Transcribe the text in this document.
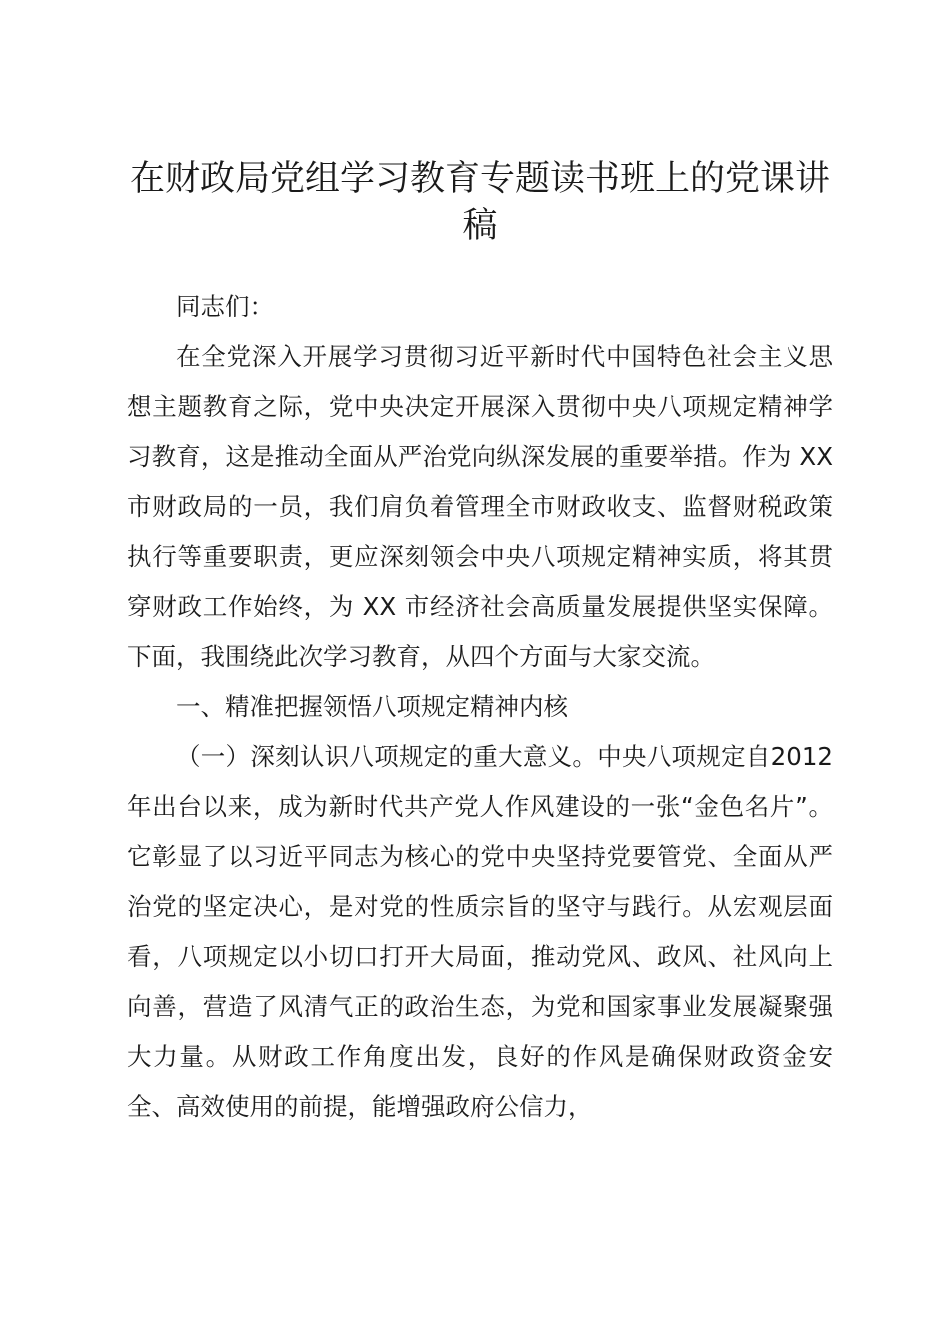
在财政局党组学习教育专题读书班上的党课讲稿

同志们：

在全党深入开展学习贯彻习近平新时代中国特色社会主义思想主题教育之际，党中央决定开展深入贯彻中央八项规定精神学习教育，这是推动全面从严治党向纵深发展的重要举措。作为 XX 市财政局的一员，我们肩负着管理全市财政收支、监督财税政策执行等重要职责，更应深刻领会中央八项规定精神实质，将其贯穿财政工作始终，为 XX 市经济社会高质量发展提供坚实保障。下面，我围绕此次学习教育，从四个方面与大家交流。

一、精准把握领悟八项规定精神内核

（一）深刻认识八项规定的重大意义。中央八项规定自2012 年出台以来，成为新时代共产党人作风建设的一张“金色名片”。它彰显了以习近平同志为核心的党中央坚持党要管党、全面从严治党的坚定决心，是对党的性质宗旨的坚守与践行。从宏观层面看，八项规定以小切口打开大局面，推动党风、政风、社风向上向善，营造了风清气正的政治生态，为党和国家事业发展凝聚强大力量。从财政工作角度出发，良好的作风是确保财政资金安全、高效使用的前提，能增强政府公信力，
